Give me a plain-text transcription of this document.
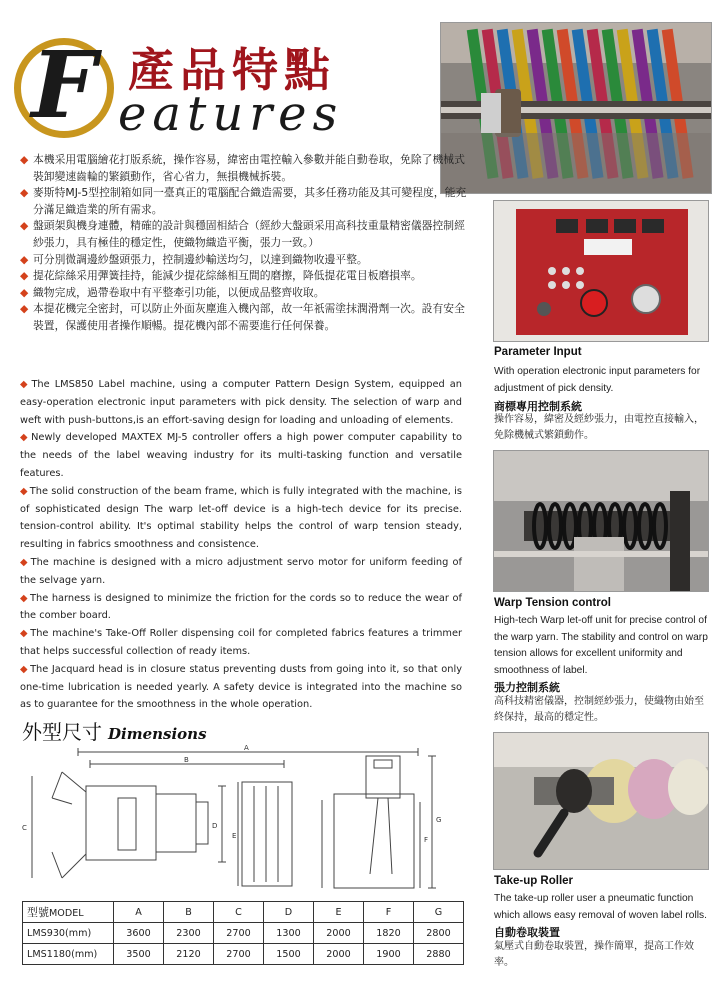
F 產品特點
eatures

◆ 本機采用電腦繪花打版系統，操作容易，緯密由電控輸入參數并能自動卷取，免除了機械式裝卸變速齒輪的繁鎖動作，省心省力，無損機械拆裝。

◆ 麥斯特MJ-5型控制箱如同一臺真正的電腦配合織造需要，其多任務功能及其可變程度，能充分滿足織造業的所有需求。

◆ 盤頭架與機身連體，精確的設計與穩固相結合（經紗大盤頭采用高科技重量精密儀器控制經紗張力，具有極佳的穩定性，使織物織造平衡，張力一致。）

◆ 可分別微調邊紗盤頭張力，控制邊紗輸送均匀，以達到織物收邊平整。

◆ 提花綜絲采用彈簧挂持，能減少提花綜絲相互間的磨擦，降低提花電目板磨損率。

◆ 織物完成，過帶卷取中有平整牽引功能，以便成品整齊收取。

◆ 本提花機完全密封，可以防止外面灰塵進入機內部，故一年祇需塗抹潤滑劑一次。設有安全裝置，保護使用者操作順暢。提花機內部不需要進行任何保養。

◆ The LMS850 Label machine, using a computer Pattern Design System, equipped an easy-operation electronic input parameters with pick density. The selection of warp and weft with push-buttons,is an effort-saving design for loading and unloading of elements.

◆ Newly developed MAXTEX MJ-5 controller offers a high power computer capability to the needs of the label weaving industry for its multi-tasking function and versatile features.

◆ The solid construction of the beam frame, which is fully integrated with the machine, is of sophisticated design The warp let-off device is a high-tech device for its precise. tension-control ability. It's optimal stability helps the control of warp tension steady, resulting in fabrics smoothness and consistence.

◆ The machine is designed with a micro adjustment servo motor for uniform feeding of the selvage yarn.

◆ The harness is designed to minimize the friction for the cords so to reduce the wear of the comber board.

◆ The machine's Take-Off Roller dispensing coil for completed fabrics features a trimmer that helps successful collection of ready items.

◆ The Jacquard head is in closure status preventing dusts from going into it, so that only one-time lubrication is needed yearly. A safety device is integrated into the machine so as to guarantee for the smoothness in the whole operation.

Parameter Input
With operation electronic input parameters for adjustment of pick density.
商標專用控制系統
操作容易，緯密及經紗張力，由電控直接輸入，免除機械式繁鎖動作。
Warp Tension control
High-tech Warp let-off unit for precise control of the warp yarn. The stability and control on warp tension allows for excellent uniformity and smoothness of label.
張力控制系統
高科技精密儀器，控制經紗張力，使織物由始至終保持，最高的穩定性。
Take-up Roller
The take-up roller user a pneumatic function which allows easy removal of woven label rolls.
自動卷取裝置
氣壓式自動卷取裝置，操作簡單，提高工作效率。
外型尺寸 Dimensions
A
B
C	D
E	F
G
型號MODEL	A	B	C	D	E	F	G
LMS930(mm)	3600	2300	2700	1300	2000	1820	2800
LMS1180(mm)	3500	2120	2700	1500	2000	1900	2880
